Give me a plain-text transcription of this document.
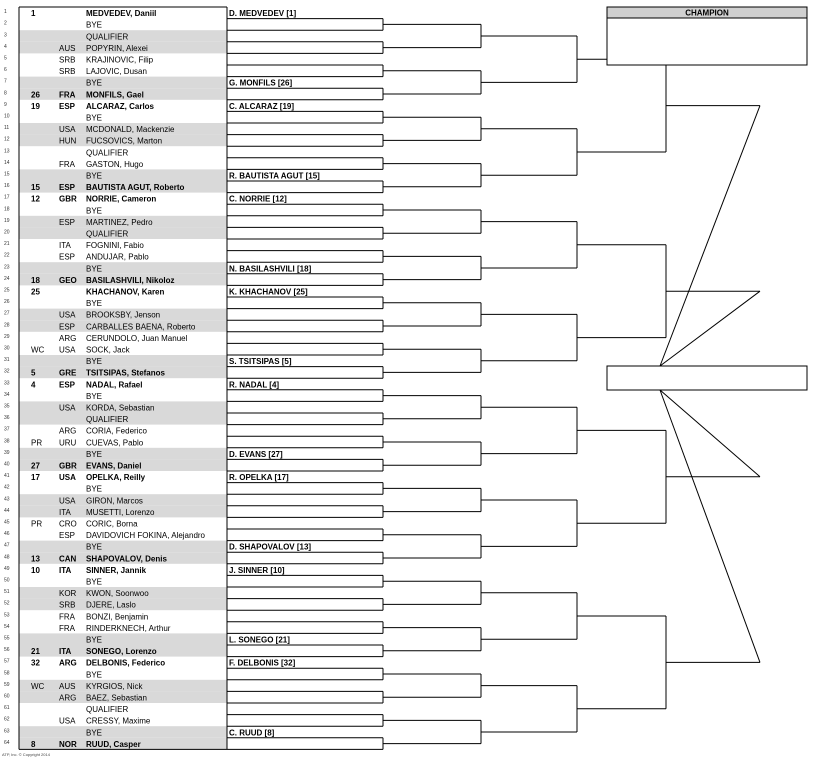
1	1	MEDVEDEV, Daniil
2	BYE
3	QUALIFIER
4	AUS POPYRIN, Alexei
5	SRB KRAJINOVIC, Filip
6	SRB LAJOVIC, Dusan
7	BYE
8	26 FRA MONFILS, Gael
9	19 ESP ALCARAZ, Carlos
10	BYE
11	USA MCDONALD, Mackenzie
12	HUN FUCSOVICS, Marton
13	QUALIFIER
14	FRA GASTON, Hugo
15	BYE
16	15 ESP BAUTISTA AGUT, Roberto
17	12 GBR NORRIE, Cameron
18	BYE
19	ESP MARTINEZ, Pedro
20	QUALIFIER
21	ITA FOGNINI, Fabio
22	ESP ANDUJAR, Pablo
23	BYE
24	18 GEO BASILASHVILI, Nikoloz
25	25	KHACHANOV, Karen
26	BYE
27	USA BROOKSBY, Jenson
28	ESP CARBALLES BAENA, Roberto
29	ARG CERUNDOLO, Juan Manuel
30	WC USA SOCK, Jack
31	BYE
32	5	GRE TSITSIPAS, Stefanos
33	4	ESP NADAL, Rafael
34	BYE
35	USA KORDA, Sebastian
36	QUALIFIER
37	ARG CORIA, Federico
38	PR URU CUEVAS, Pablo
39	BYE
40	27 GBR EVANS, Daniel
41	17 USA OPELKA, Reilly
42	BYE
43	USA GIRON, Marcos
44	ITA MUSETTI, Lorenzo
45	PR CRO CORIC, Borna
46	ESP DAVIDOVICH FOKINA, Alejandro
47	BYE
48	13 CAN SHAPOVALOV, Denis
49	10 ITA SINNER, Jannik
50	BYE
51	KOR KWON, Soonwoo
52	SRB DJERE, Laslo
53	FRA BONZI, Benjamin
54	FRA RINDERKNECH, Arthur
55	BYE
56	21 ITA SONEGO, Lorenzo
57	32 ARG DELBONIS, Federico
58	BYE
59	WC AUS KYRGIOS, Nick
60	ARG BAEZ, Sebastian
61	QUALIFIER
62	USA CRESSY, Maxime
63	BYE
64	8	NOR RUUD, Casper
D. MEDVEDEV [1]
G. MONFILS [26]
C. ALCARAZ [19]
R. BAUTISTA AGUT [15]
C. NORRIE [12]
N. BASILASHVILI [18]
K. KHACHANOV [25]
S. TSITSIPAS [5]
R. NADAL [4]
D. EVANS [27]
R. OPELKA [17]
D. SHAPOVALOV [13]
J. SINNER [10]
L. SONEGO [21]
F. DELBONIS [32]
C. RUUD [8]
CHAMPION
ATP, Inc. © Copyright 2014
